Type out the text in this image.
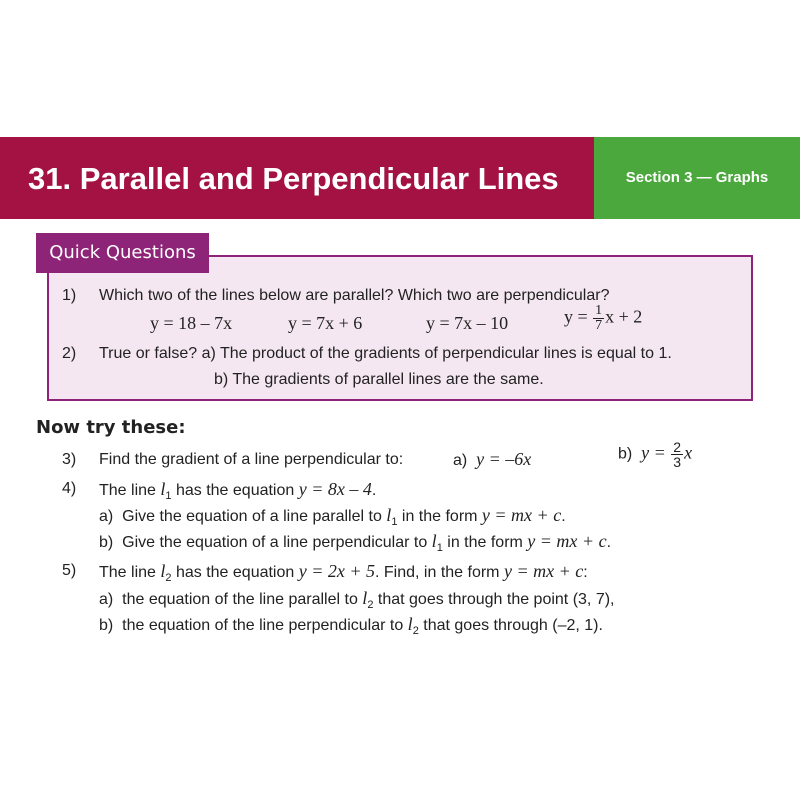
31. Parallel and Perpendicular Lines	Section 3 — Graphs
Quick Questions
1) Which two of the lines below are parallel? Which two are perpendicular?
y = 18 – 7x	y = 7x + 6	y = 7x – 10	$y = \frac{1}{7}$ x + 2
2) True or false? a) The product of the gradients of perpendicular lines is equal to 1.
b) The gradients of parallel lines are the same.
Now try these:
3) Find the gradient of a line perpendicular to:	a) y = –6x	b) $y = \frac{2}{3}$ x
4) The line $l_1$ has the equation y = 8x – 4.
a) Give the equation of a line parallel to $l_1$ in the form y = mx + c.
b) Give the equation of a line perpendicular to $l_1$ in the form y = mx + c.
5) The line $l_2$ has the equation y = 2x + 5. Find, in the form y = mx + c:
a) the equation of the line parallel to $l_2$ that goes through the point (3, 7),
b) the equation of the line perpendicular to $l_2$ that goes through (–2, 1).
